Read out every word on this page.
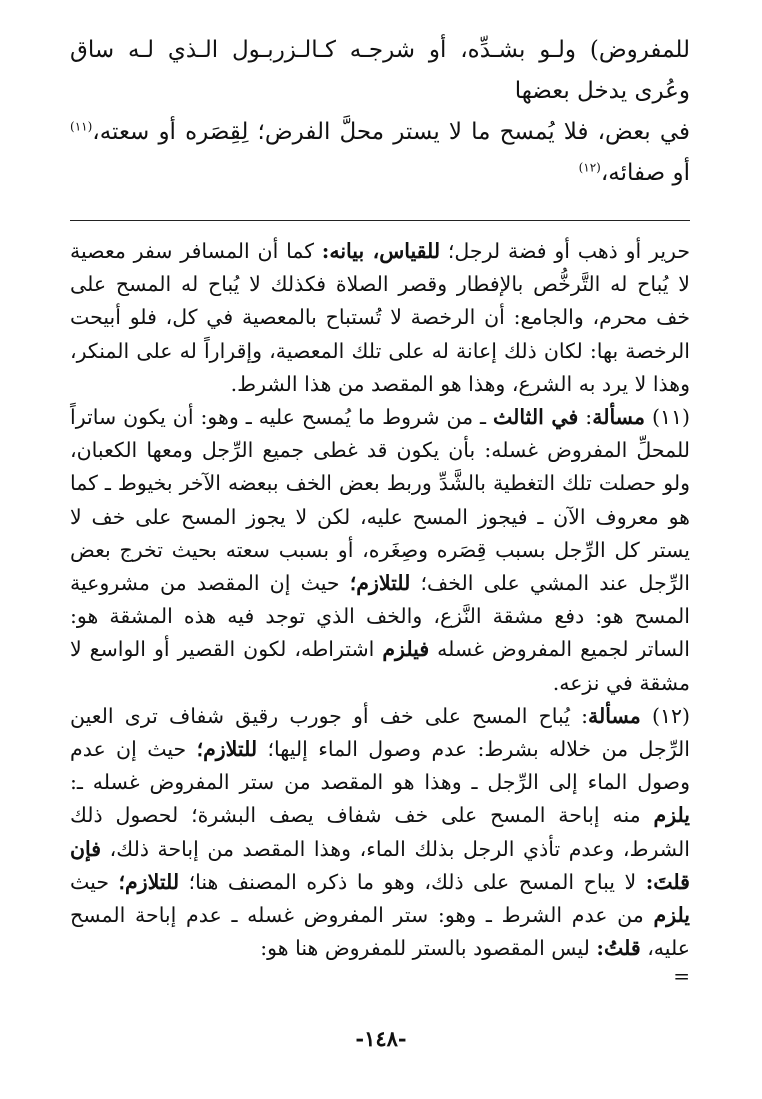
للمفروض) ولـو بشـدِّه، أو شرجـه كـالـزربـول الـذي لـه ساق وعُرى يدخل بعضها

في بعض، فلا يُمسح ما لا يستر محلَّ الفرض؛ لِقِصَره أو سعته،$^{(١١)}$ أو صفائه،$^{(١٢)}$

حرير أو ذهب أو فضة لرجل؛ للقياس، بيانه: كما أن المسافر سفر معصية لا يُباح له التَّرخُّص بالإفطار وقصر الصلاة فكذلك لا يُباح له المسح على خف محرم، والجامع: أن الرخصة لا تُستباح بالمعصية في كل، فلو أبيحت الرخصة بها: لكان ذلك إعانة له على تلك المعصية، وإقراراً له على المنكر، وهذا لا يرد به الشرع، وهذا هو المقصد من هذا الشرط.

(١١) مسألة: في الثالث ـ من شروط ما يُمسح عليه ـ وهو: أن يكون ساتراً للمحلِّ المفروض غسله: بأن يكون قد غطى جميع الرِّجل ومعها الكعبان، ولو حصلت تلك التغطية بالشَّدِّ وربط بعض الخف ببعضه الآخر بخيوط ـ كما هو معروف الآن ـ فيجوز المسح عليه، لكن لا يجوز المسح على خف لا يستر كل الرِّجل بسبب قِصَره وصِغَره، أو بسبب سعته بحيث تخرج بعض الرِّجل عند المشي على الخف؛ للتلازم؛ حيث إن المقصد من مشروعية المسح هو: دفع مشقة النَّزع، والخف الذي توجد فيه هذه المشقة هو: الساتر لجميع المفروض غسله فيلزم اشتراطه، لكون القصير أو الواسع لا مشقة في نزعه.

(١٢) مسألة: يُباح المسح على خف أو جورب رقيق شفاف ترى العين الرِّجل من خلاله بشرط: عدم وصول الماء إليها؛ للتلازم؛ حيث إن عدم وصول الماء إلى الرِّجل ـ وهذا هو المقصد من ستر المفروض غسله ـ: يلزم منه إباحة المسح على خف شفاف يصف البشرة؛ لحصول ذلك الشرط، وعدم تأذي الرجل بذلك الماء، وهذا المقصد من إباحة ذلك، فإن قلتَ: لا يباح المسح على ذلك، وهو ما ذكره المصنف هنا؛ للتلازم؛ حيث يلزم من عدم الشرط ـ وهو: ستر المفروض غسله ـ عدم إباحة المسح عليه، قلتُ: ليس المقصود بالستر للمفروض هنا هو:

=
-١٤٨-
